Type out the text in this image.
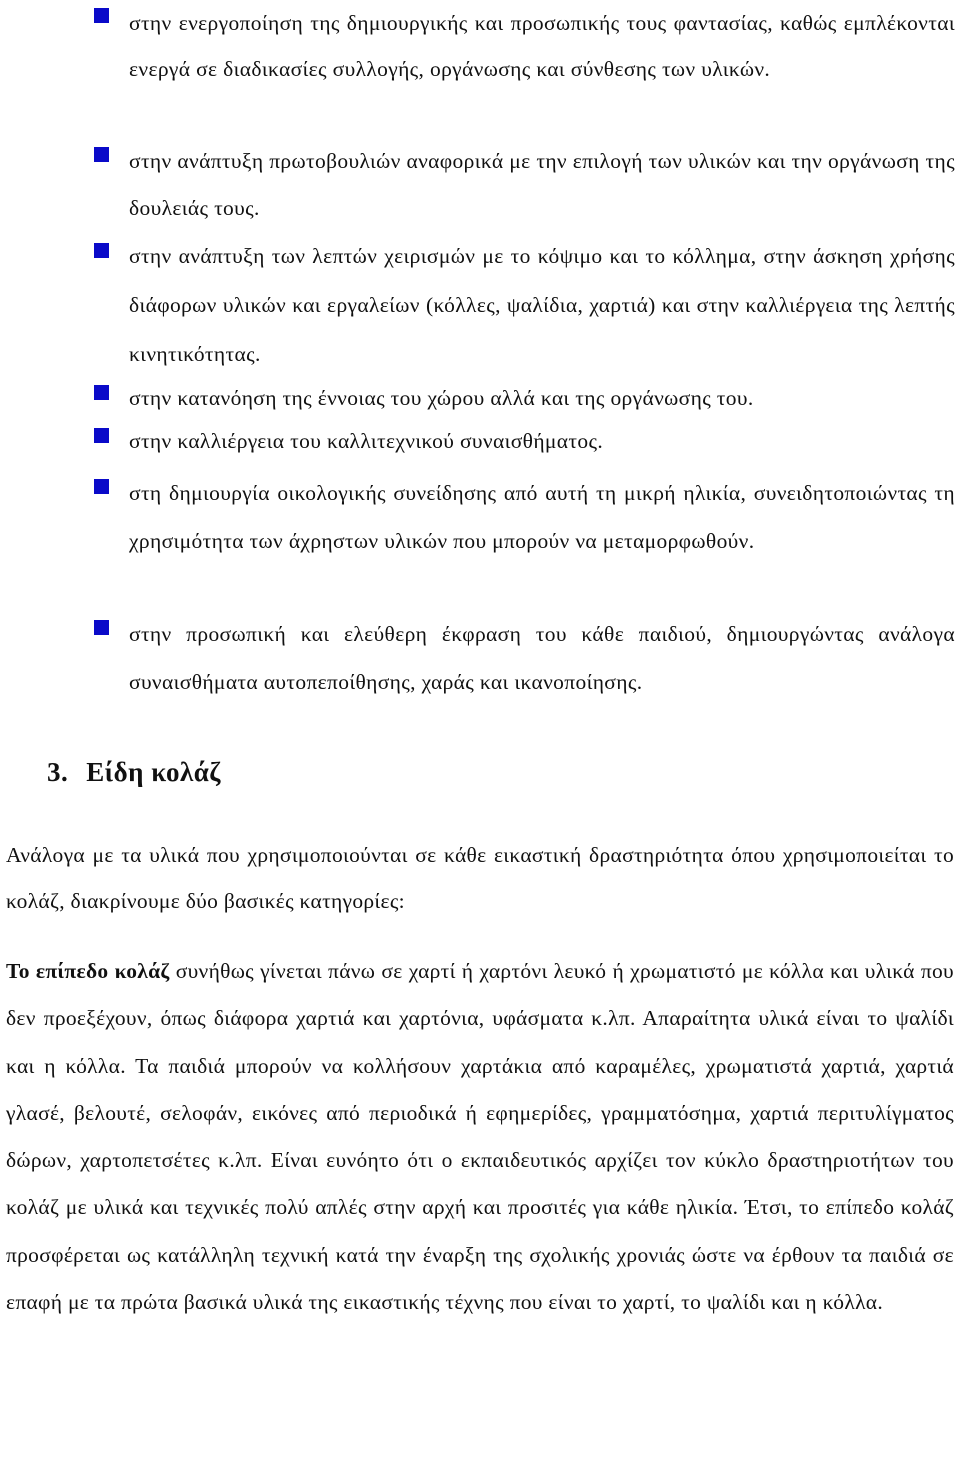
στην ενεργοποίηση της δημιουργικής και προσωπικής τους φαντασίας, καθώς εμπλέκονται ενεργά σε διαδικασίες συλλογής, οργάνωσης και σύνθεσης των υλικών.
στην ανάπτυξη πρωτοβουλιών αναφορικά με την επιλογή των υλικών και την οργάνωση της δουλειάς τους.
στην ανάπτυξη των λεπτών χειρισμών με το κόψιμο και το κόλλημα, στην άσκηση χρήσης διάφορων υλικών και εργαλείων (κόλλες, ψαλίδια, χαρτιά) και στην καλλιέργεια της λεπτής κινητικότητας.
στην κατανόηση της έννοιας του χώρου αλλά και της οργάνωσης του.
στην καλλιέργεια του καλλιτεχνικού συναισθήματος.
στη δημιουργία οικολογικής συνείδησης από αυτή τη μικρή ηλικία, συνειδητοποιώντας τη χρησιμότητα των άχρηστων υλικών που μπορούν να μεταμορφωθούν.
στην προσωπική και ελεύθερη έκφραση του κάθε παιδιού, δημιουργώντας ανάλογα συναισθήματα αυτοπεποίθησης, χαράς και ικανοποίησης.
3. Είδη κολάζ

Ανάλογα με τα υλικά που χρησιμοποιούνται σε κάθε εικαστική δραστηριότητα όπου χρησιμοποιείται το κολάζ, διακρίνουμε δύο βασικές κατηγορίες:

Το επίπεδο κολάζ συνήθως γίνεται πάνω σε χαρτί ή χαρτόνι λευκό ή χρωματιστό με κόλλα και υλικά που δεν προεξέχουν, όπως διάφορα χαρτιά και χαρτόνια, υφάσματα κ.λπ. Απαραίτητα υλικά είναι το ψαλίδι και η κόλλα. Τα παιδιά μπορούν να κολλήσουν χαρτάκια από καραμέλες, χρωματιστά χαρτιά, χαρτιά γλασέ, βελουτέ, σελοφάν, εικόνες από περιοδικά ή εφημερίδες, γραμματόσημα, χαρτιά περιτυλίγματος δώρων, χαρτοπετσέτες κ.λπ. Είναι ευνόητο ότι ο εκπαιδευτικός αρχίζει τον κύκλο δραστηριοτήτων του κολάζ με υλικά και τεχνικές πολύ απλές στην αρχή και προσιτές για κάθε ηλικία. Έτσι, το επίπεδο κολάζ προσφέρεται ως κατάλληλη τεχνική κατά την έναρξη της σχολικής χρονιάς ώστε να έρθουν τα παιδιά σε επαφή με τα πρώτα βασικά υλικά της εικαστικής τέχνης που είναι το χαρτί, το ψαλίδι και η κόλλα.
